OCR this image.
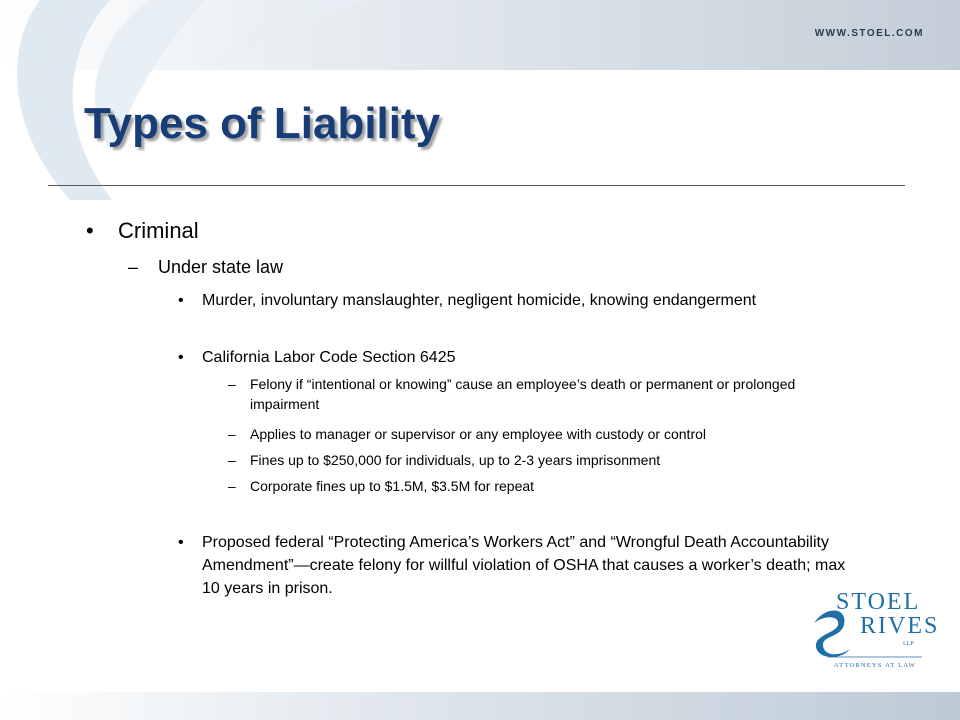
WWW.STOEL.COM
Types of Liability
• Criminal
– Under state law
• Murder, involuntary manslaughter, negligent homicide, knowing endangerment
• California Labor Code Section 6425
– Felony if “intentional or knowing” cause an employee’s death or permanent or prolonged impairment
– Applies to manager or supervisor or any employee with custody or control
– Fines up to $250,000 for individuals, up to 2-3 years imprisonment
– Corporate fines up to $1.5M, $3.5M for repeat
• Proposed federal “Protecting America’s Workers Act” and “Wrongful Death Accountability Amendment”—create felony for willful violation of OSHA that causes a worker’s death; max 10 years in prison.
STOEL
RIVES
LLP
ATTORNEYS AT LAW
